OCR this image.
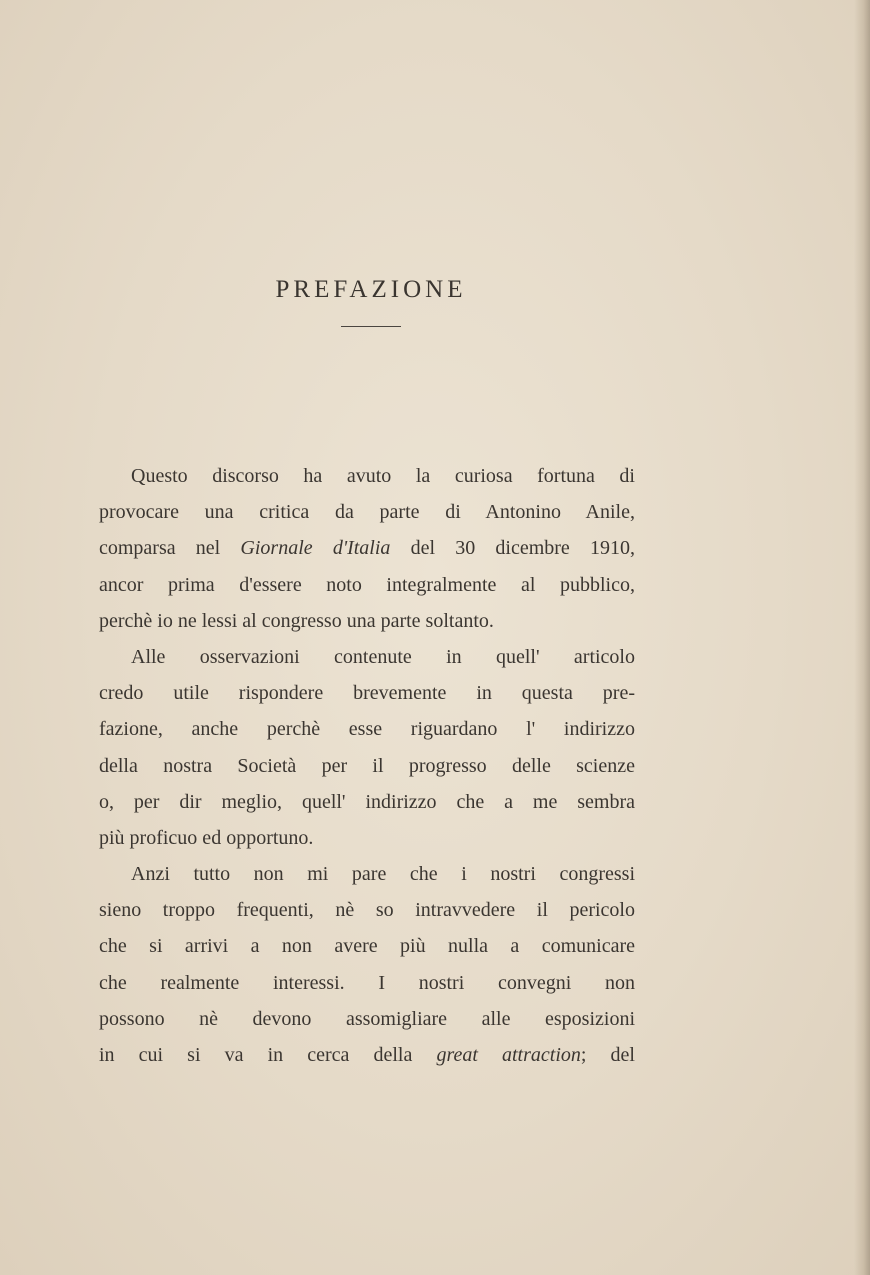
PREFAZIONE
Questo discorso ha avuto la curiosa fortuna di
provocare una critica da parte di Antonino Anile,
comparsa nel Giornale d'Italia del 30 dicembre 1910,
ancor prima d'essere noto integralmente al pubblico,
perchè io ne lessi al congresso una parte soltanto.
Alle osservazioni contenute in quell' articolo
credo utile rispondere brevemente in questa pre-
fazione, anche perchè esse riguardano l' indirizzo
della nostra Società per il progresso delle scienze
o, per dir meglio, quell' indirizzo che a me sembra
più proficuo ed opportuno.
Anzi tutto non mi pare che i nostri congressi
sieno troppo frequenti, nè so intravvedere il pericolo
che si arrivi a non avere più nulla a comunicare
che realmente interessi. I nostri convegni non
possono nè devono assomigliare alle esposizioni
in cui si va in cerca della great attraction; del
